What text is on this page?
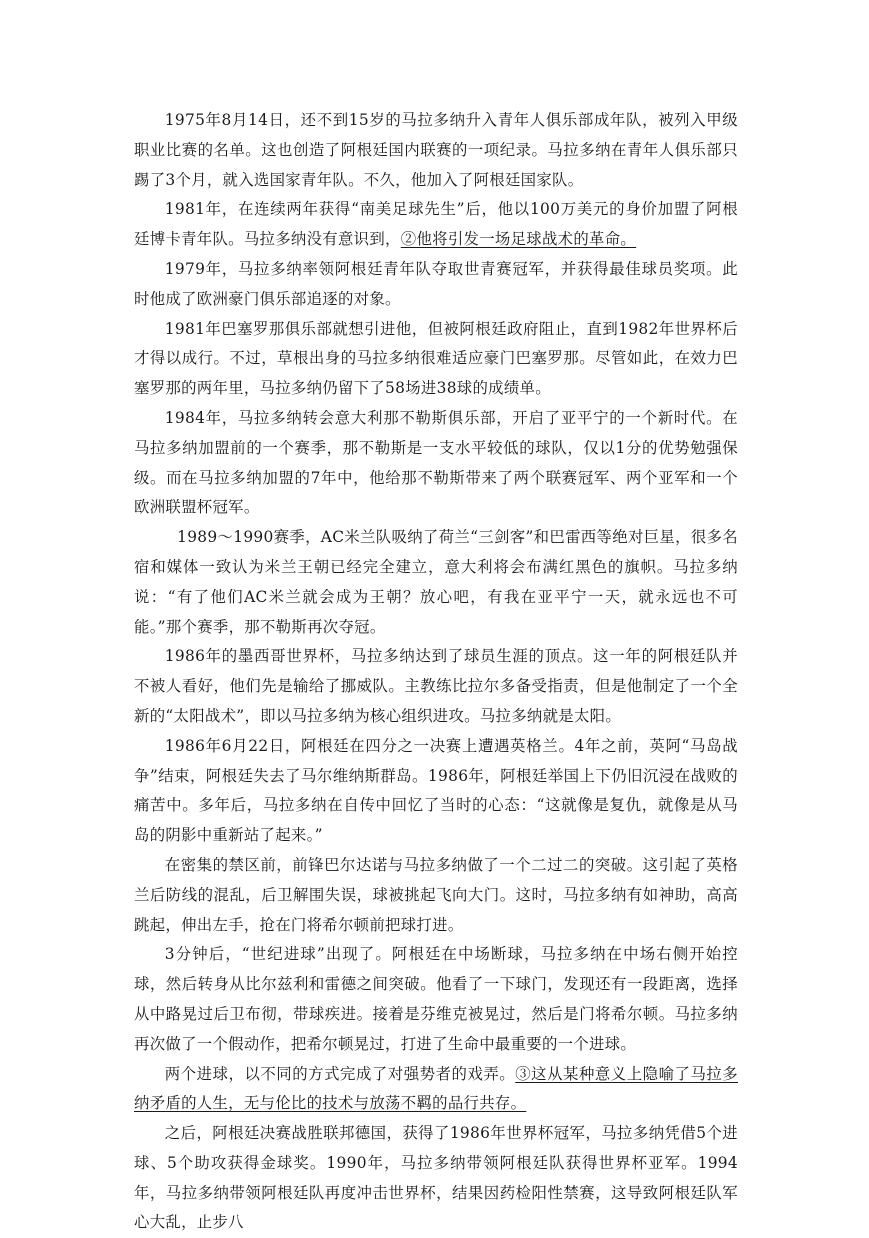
1975年8月14日，还不到15岁的马拉多纳升入青年人俱乐部成年队，被列入甲级职业比赛的名单。这也创造了阿根廷国内联赛的一项纪录。马拉多纳在青年人俱乐部只踢了3个月，就入选国家青年队。不久，他加入了阿根廷国家队。

1981年，在连续两年获得“南美足球先生”后，他以100万美元的身价加盟了阿根廷博卡青年队。马拉多纳没有意识到，②他将引发一场足球战术的革命。

1979年，马拉多纳率领阿根廷青年队夺取世青赛冠军，并获得最佳球员奖项。此时他成了欧洲豪门俱乐部追逐的对象。

1981年巴塞罗那俱乐部就想引进他，但被阿根廷政府阻止，直到1982年世界杯后才得以成行。不过，草根出身的马拉多纳很难适应豪门巴塞罗那。尽管如此，在效力巴塞罗那的两年里，马拉多纳仍留下了58场进38球的成绩单。

1984年，马拉多纳转会意大利那不勒斯俱乐部，开启了亚平宁的一个新时代。在马拉多纳加盟前的一个赛季，那不勒斯是一支水平较低的球队，仅以1分的优势勉强保级。而在马拉多纳加盟的7年中，他给那不勒斯带来了两个联赛冠军、两个亚军和一个欧洲联盟杯冠军。

1989～1990赛季，AC米兰队吸纳了荷兰“三剑客”和巴雷西等绝对巨星，很多名宿和媒体一致认为米兰王朝已经完全建立，意大利将会布满红黑色的旗帜。马拉多纳说：“有了他们AC米兰就会成为王朝？放心吧，有我在亚平宁一天，就永远也不可能。”那个赛季，那不勒斯再次夺冠。

1986年的墨西哥世界杯，马拉多纳达到了球员生涯的顶点。这一年的阿根廷队并不被人看好，他们先是输给了挪威队。主教练比拉尔多备受指责，但是他制定了一个全新的“太阳战术”，即以马拉多纳为核心组织进攻。马拉多纳就是太阳。

1986年6月22日，阿根廷在四分之一决赛上遭遇英格兰。4年之前，英阿“马岛战争”结束，阿根廷失去了马尔维纳斯群岛。1986年，阿根廷举国上下仍旧沉浸在战败的痛苦中。多年后，马拉多纳在自传中回忆了当时的心态：“这就像是复仇，就像是从马岛的阴影中重新站了起来。”

在密集的禁区前，前锋巴尔达诺与马拉多纳做了一个二过二的突破。这引起了英格兰后防线的混乱，后卫解围失误，球被挑起飞向大门。这时，马拉多纳有如神助，高高跳起，伸出左手，抢在门将希尔顿前把球打进。

3分钟后，“世纪进球”出现了。阿根廷在中场断球，马拉多纳在中场右侧开始控球，然后转身从比尔兹利和雷德之间突破。他看了一下球门，发现还有一段距离，选择从中路晃过后卫布彻，带球疾进。接着是芬维克被晃过，然后是门将希尔顿。马拉多纳再次做了一个假动作，把希尔顿晃过，打进了生命中最重要的一个进球。

两个进球，以不同的方式完成了对强势者的戏弄。③这从某种意义上隐喻了马拉多纳矛盾的人生，无与伦比的技术与放荡不羁的品行共存。

之后，阿根廷决赛战胜联邦德国，获得了1986年世界杯冠军，马拉多纳凭借5个进球、5个助攻获得金球奖。1990年，马拉多纳带领阿根廷队获得世界杯亚军。1994年，马拉多纳带领阿根廷队再度冲击世界杯，结果因药检阳性禁赛，这导致阿根廷队军心大乱，止步八
